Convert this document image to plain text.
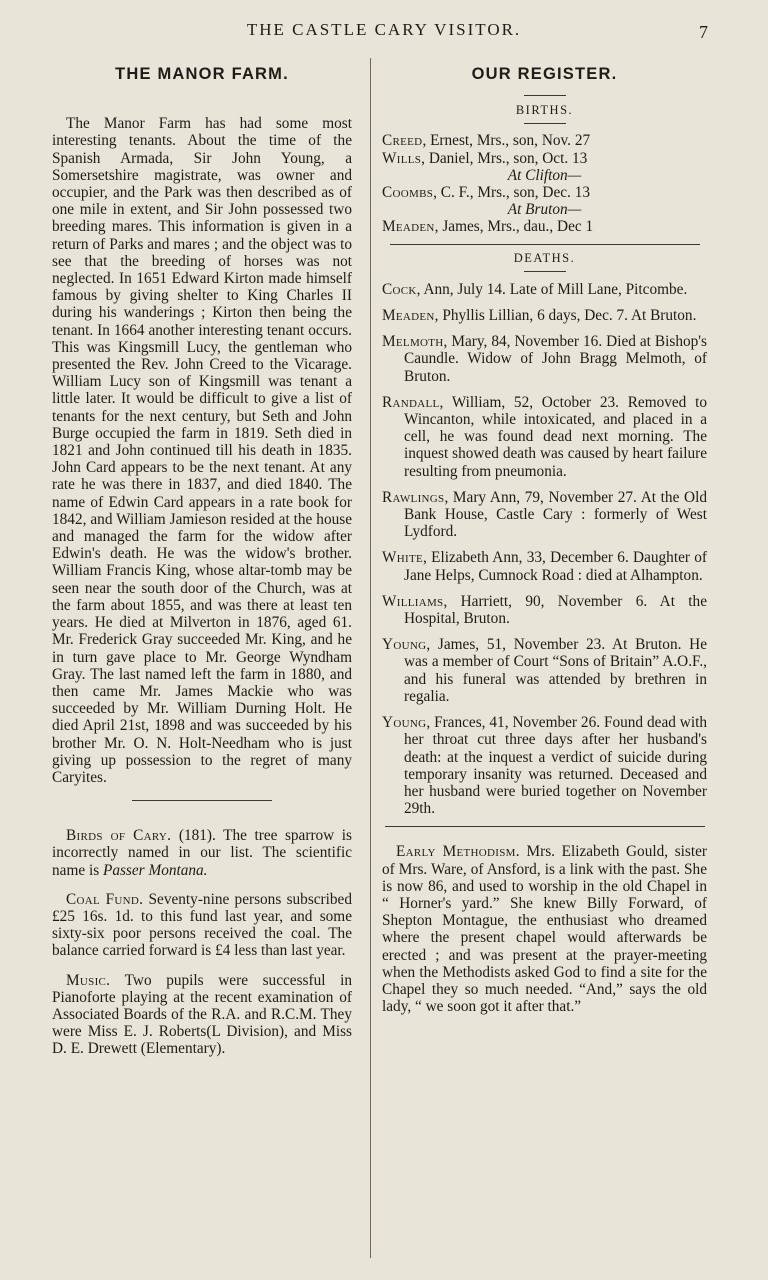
THE CASTLE CARY VISITOR.	7
THE MANOR FARM.

The Manor Farm has had some most interesting tenants. About the time of the Spanish Armada, Sir John Young, a Somersetshire magistrate, was owner and occupier, and the Park was then described as of one mile in extent, and Sir John possessed two breeding mares. This information is given in a return of Parks and mares ; and the object was to see that the breeding of horses was not neglected. In 1651 Edward Kirton made himself famous by giving shelter to King Charles II during his wanderings ; Kirton then being the tenant. In 1664 another interesting tenant occurs. This was Kingsmill Lucy, the gentleman who presented the Rev. John Creed to the Vicarage. William Lucy son of Kingsmill was tenant a little later. It would be difficult to give a list of tenants for the next century, but Seth and John Burge occupied the farm in 1819. Seth died in 1821 and John continued till his death in 1835. John Card appears to be the next tenant. At any rate he was there in 1837, and died 1840. The name of Edwin Card appears in a rate book for 1842, and William Jamieson resided at the house and managed the farm for the widow after Edwin's death. He was the widow's brother. William Francis King, whose altar-tomb may be seen near the south door of the Church, was at the farm about 1855, and was there at least ten years. He died at Milverton in 1876, aged 61. Mr. Frederick Gray succeeded Mr. King, and he in turn gave place to Mr. George Wyndham Gray. The last named left the farm in 1880, and then came Mr. James Mackie who was succeeded by Mr. William Durning Holt. He died April 21st, 1898 and was succeeded by his brother Mr. O. N. Holt-Needham who is just giving up possession to the regret of many Caryites.

Birds of Cary. (181). The tree sparrow is incorrectly named in our list. The scientific name is Passer Montana.

Coal Fund. Seventy-nine persons subscribed £25 16s. 1d. to this fund last year, and some sixty-six poor persons received the coal. The balance carried forward is £4 less than last year.

Music. Two pupils were successful in Pianoforte playing at the recent examination of Associated Boards of the R.A. and R.C.M. They were Miss E. J. Roberts(L Division), and Miss D. E. Drewett (Elementary).

OUR REGISTER.
BIRTHS.

Creed, Ernest, Mrs., son, Nov. 27

Wills, Daniel, Mrs., son, Oct. 13

At Clifton—

Coombs, C. F., Mrs., son, Dec. 13

At Bruton—

Meaden, James, Mrs., dau., Dec 1

DEATHS.

Cock, Ann, July 14. Late of Mill Lane, Pitcombe.

Meaden, Phyllis Lillian, 6 days, Dec. 7. At Bruton.

Melmoth, Mary, 84, November 16. Died at Bishop's Caundle. Widow of John Bragg Melmoth, of Bruton.

Randall, William, 52, October 23. Removed to Wincanton, while intoxicated, and placed in a cell, he was found dead next morning. The inquest showed death was caused by heart failure resulting from pneumonia.

Rawlings, Mary Ann, 79, November 27. At the Old Bank House, Castle Cary : formerly of West Lydford.

White, Elizabeth Ann, 33, December 6. Daughter of Jane Helps, Cumnock Road : died at Alhampton.

Williams, Harriett, 90, November 6. At the Hospital, Bruton.

Young, James, 51, November 23. At Bruton. He was a member of Court “Sons of Britain” A.O.F., and his funeral was attended by brethren in regalia.

Young, Frances, 41, November 26. Found dead with her throat cut three days after her husband's death: at the inquest a verdict of suicide during temporary insanity was returned. Deceased and her husband were buried together on November 29th.

Early Methodism. Mrs. Elizabeth Gould, sister of Mrs. Ware, of Ansford, is a link with the past. She is now 86, and used to worship in the old Chapel in “ Horner's yard.” She knew Billy Forward, of Shepton Montague, the enthusiast who dreamed where the present chapel would afterwards be erected ; and was present at the prayer-meeting when the Methodists asked God to find a site for the Chapel they so much needed. “And,” says the old lady, “ we soon got it after that.”
